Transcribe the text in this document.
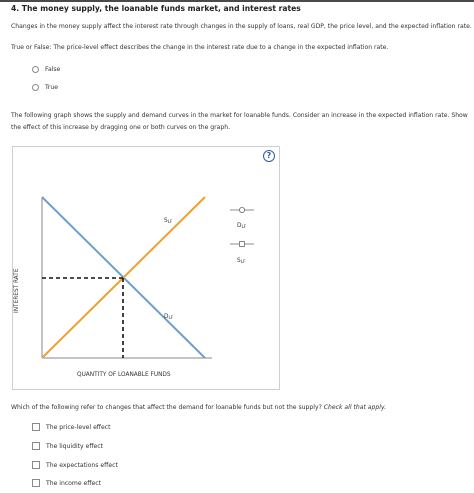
4. The money supply, the loanable funds market, and interest rates
Changes in the money supply affect the interest rate through changes in the supply of loans, real GDP, the price level, and the expected inflation rate.
True or False: The price-level effect describes the change in the interest rate due to a change in the expected inflation rate.
False
True
The following graph shows the supply and demand curves in the market for loanable funds. Consider an increase in the expected inflation rate. Show
the effect of this increase by dragging one or both curves on the graph.
?
INTEREST RATE
QUANTITY OF LOANABLE FUNDS
SLF
DLF
DLF
SLF
Which of the following refer to changes that affect the demand for loanable funds but not the supply? Check all that apply.
The price-level effect
The liquidity effect
The expectations effect
The income effect
